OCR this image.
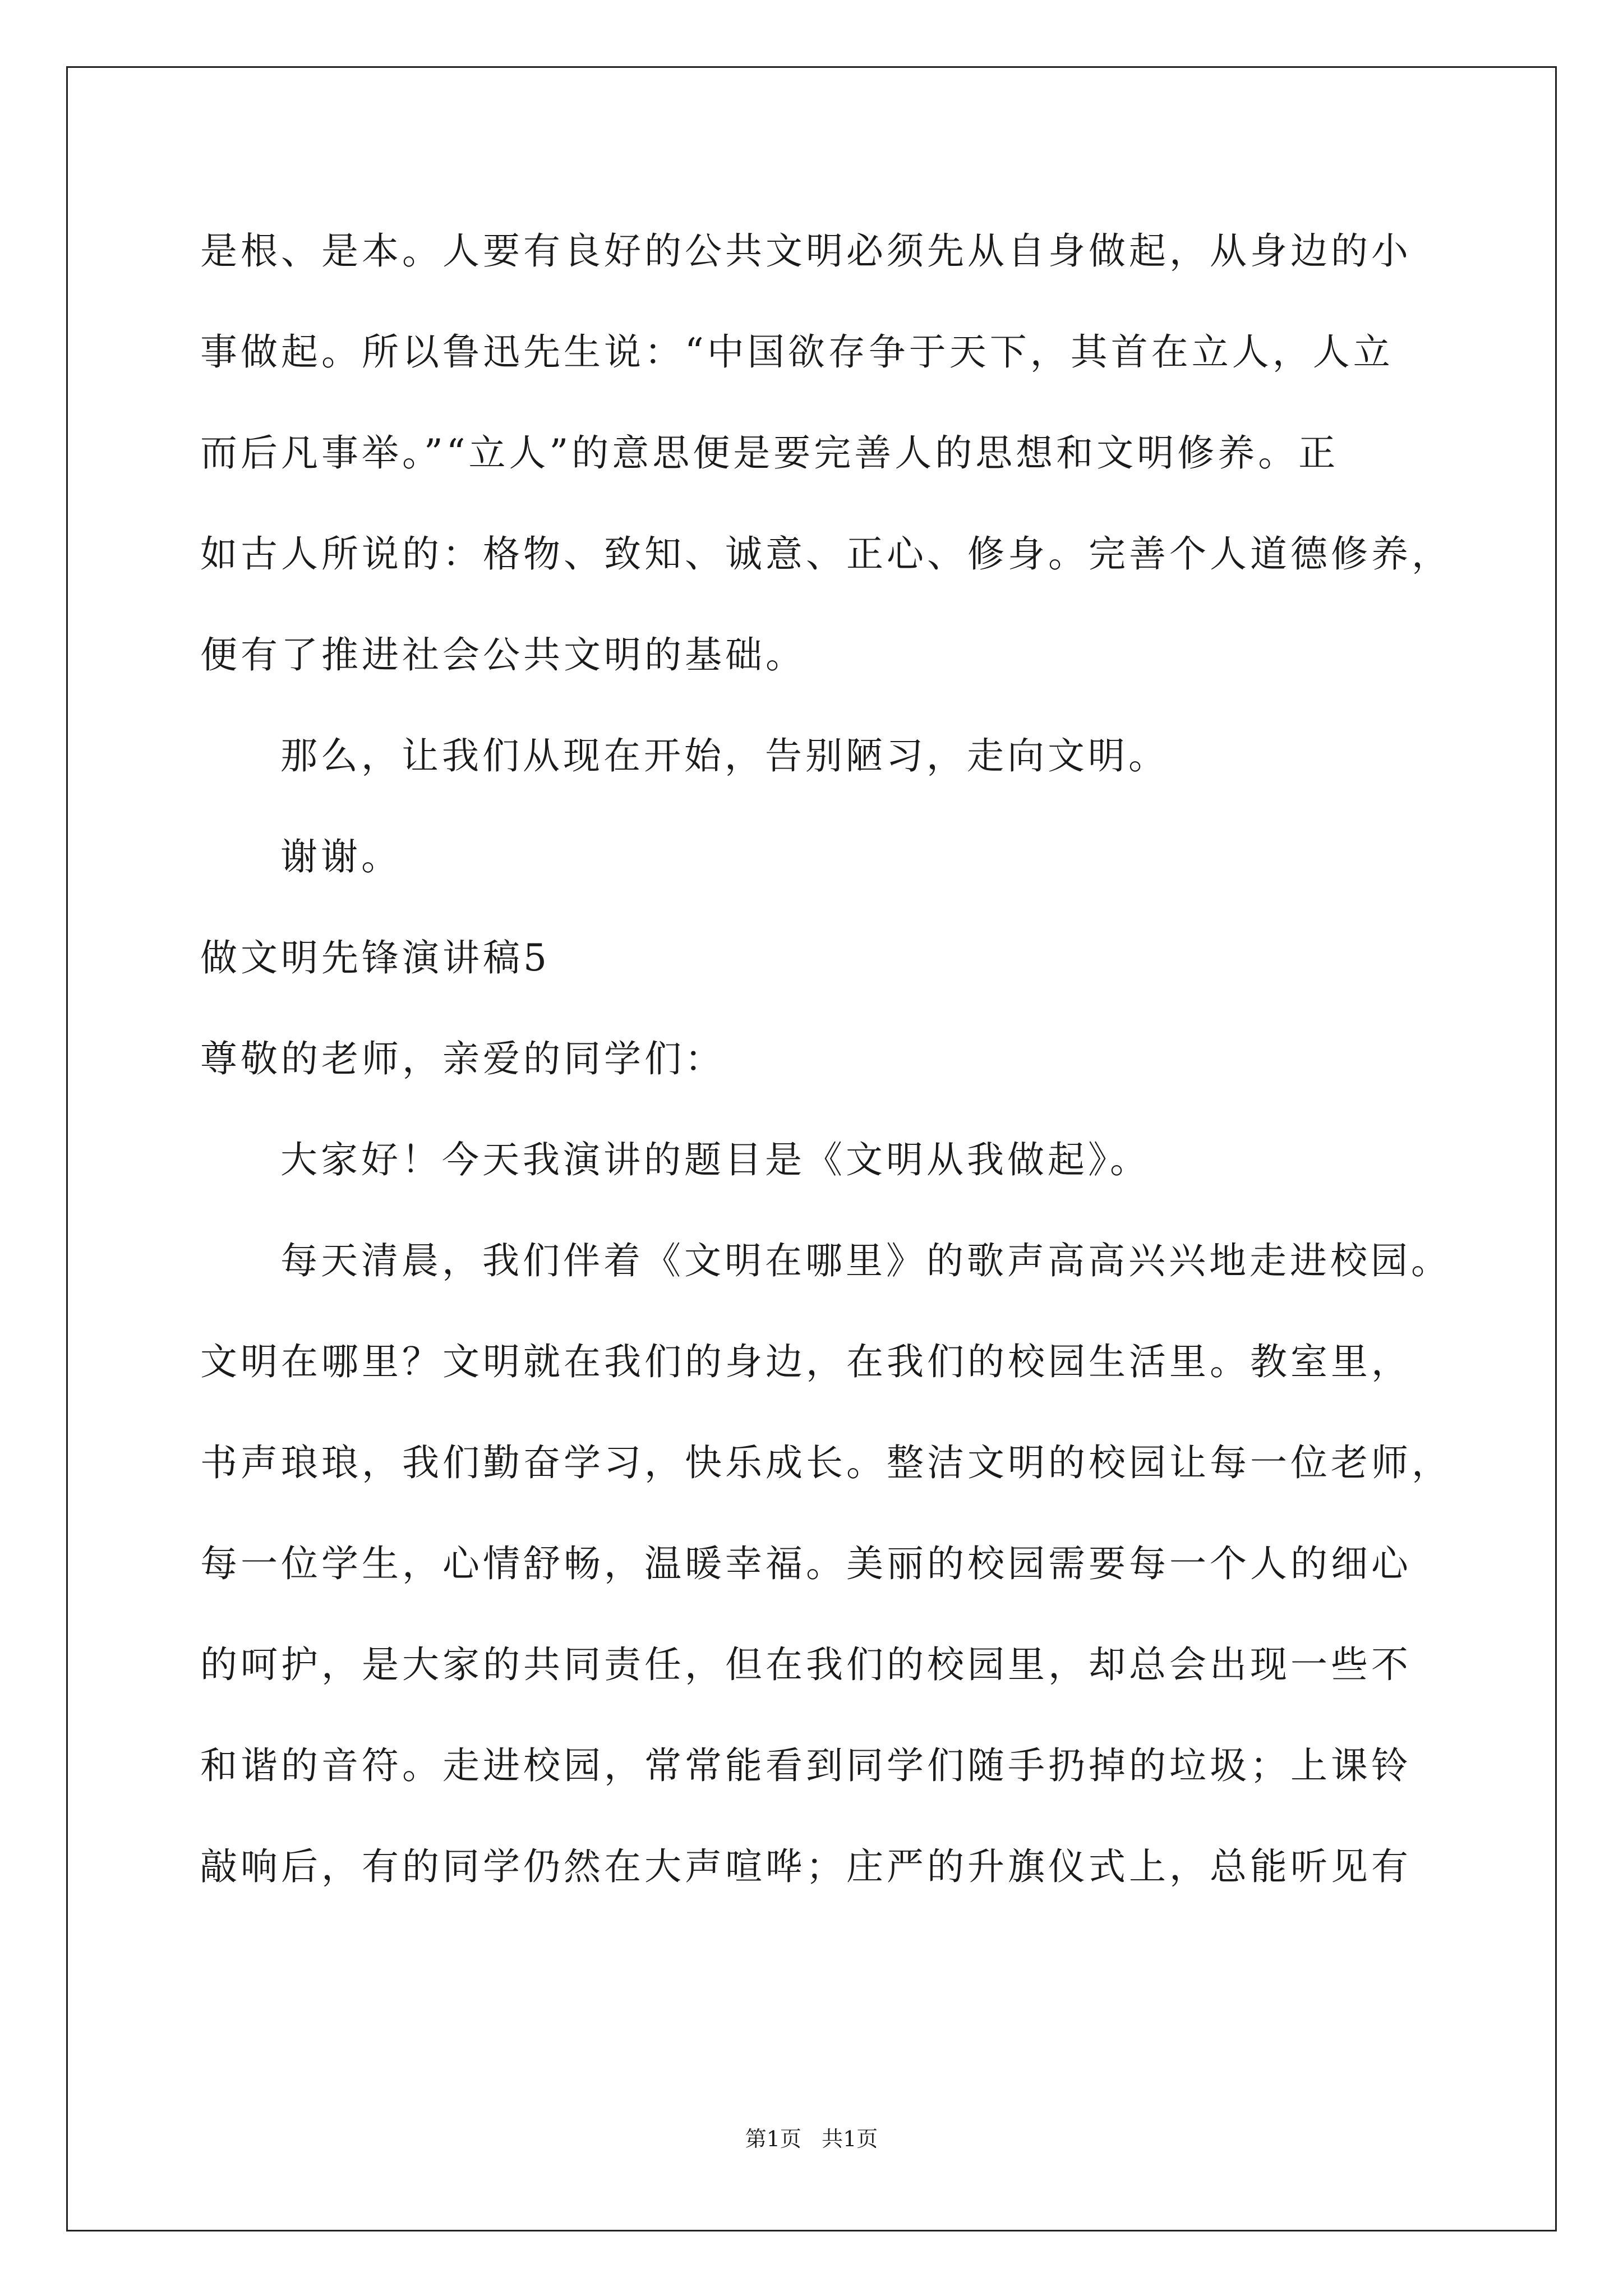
是根、是本。人要有良好的公共文明必须先从自身做起，从身边的小
事做起。所以鲁迅先生说：“中国欲存争于天下，其首在立人，人立
而后凡事举。”“立人”的意思便是要完善人的思想和文明修养。正
如古人所说的：格物、致知、诚意、正心、修身。完善个人道德修养，
便有了推进社会公共文明的基础。
那么，让我们从现在开始，告别陋习，走向文明。
谢谢。
做文明先锋演讲稿5
尊敬的老师，亲爱的同学们：
大家好！今天我演讲的题目是《文明从我做起》。
每天清晨，我们伴着《文明在哪里》的歌声高高兴兴地走进校园。
文明在哪里？文明就在我们的身边，在我们的校园生活里。教室里，
书声琅琅，我们勤奋学习，快乐成长。整洁文明的校园让每一位老师，
每一位学生，心情舒畅，温暖幸福。美丽的校园需要每一个人的细心
的呵护，是大家的共同责任，但在我们的校园里，却总会出现一些不
和谐的音符。走进校园，常常能看到同学们随手扔掉的垃圾；上课铃
敲响后，有的同学仍然在大声喧哗；庄严的升旗仪式上，总能听见有
第1页   共1页
